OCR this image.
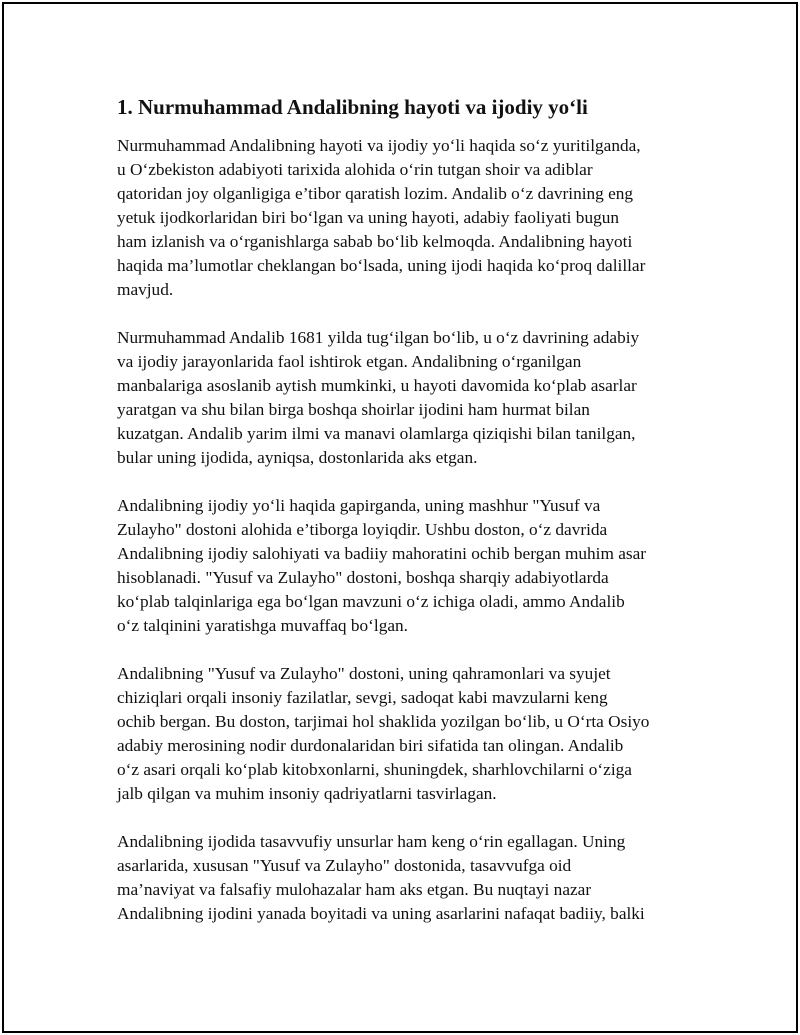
1. Nurmuhammad Andalibning hayoti va ijodiy yo‘li

Nurmuhammad Andalibning hayoti va ijodiy yo‘li haqida so‘z yuritilganda,
u O‘zbekiston adabiyoti tarixida alohida o‘rin tutgan shoir va adiblar
qatoridan joy olganligiga e’tibor qaratish lozim. Andalib o‘z davrining eng
yetuk ijodkorlaridan biri bo‘lgan va uning hayoti, adabiy faoliyati bugun
ham izlanish va o‘rganishlarga sabab bo‘lib kelmoqda. Andalibning hayoti
haqida ma’lumotlar cheklangan bo‘lsada, uning ijodi haqida ko‘proq dalillar
mavjud.

Nurmuhammad Andalib 1681 yilda tug‘ilgan bo‘lib, u o‘z davrining adabiy
va ijodiy jarayonlarida faol ishtirok etgan. Andalibning o‘rganilgan
manbalariga asoslanib aytish mumkinki, u hayoti davomida ko‘plab asarlar
yaratgan va shu bilan birga boshqa shoirlar ijodini ham hurmat bilan
kuzatgan. Andalib yarim ilmi va manavi olamlarga qiziqishi bilan tanilgan,
bular uning ijodida, ayniqsa, dostonlarida aks etgan.

Andalibning ijodiy yo‘li haqida gapirganda, uning mashhur "Yusuf va
Zulayho" dostoni alohida e’tiborga loyiqdir. Ushbu doston, o‘z davrida
Andalibning ijodiy salohiyati va badiiy mahoratini ochib bergan muhim asar
hisoblanadi. "Yusuf va Zulayho" dostoni, boshqa sharqiy adabiyotlarda
ko‘plab talqinlariga ega bo‘lgan mavzuni o‘z ichiga oladi, ammo Andalib
o‘z talqinini yaratishga muvaffaq bo‘lgan.

Andalibning "Yusuf va Zulayho" dostoni, uning qahramonlari va syujet
chiziqlari orqali insoniy fazilatlar, sevgi, sadoqat kabi mavzularni keng
ochib bergan. Bu doston, tarjimai hol shaklida yozilgan bo‘lib, u O‘rta Osiyo
adabiy merosining nodir durdonalaridan biri sifatida tan olingan. Andalib
o‘z asari orqali ko‘plab kitobxonlarni, shuningdek, sharhlovchilarni o‘ziga
jalb qilgan va muhim insoniy qadriyatlarni tasvirlagan.

Andalibning ijodida tasavvufiy unsurlar ham keng o‘rin egallagan. Uning
asarlarida, xususan "Yusuf va Zulayho" dostonida, tasavvufga oid
ma’naviyat va falsafiy mulohazalar ham aks etgan. Bu nuqtayi nazar
Andalibning ijodini yanada boyitadi va uning asarlarini nafaqat badiiy, balki
